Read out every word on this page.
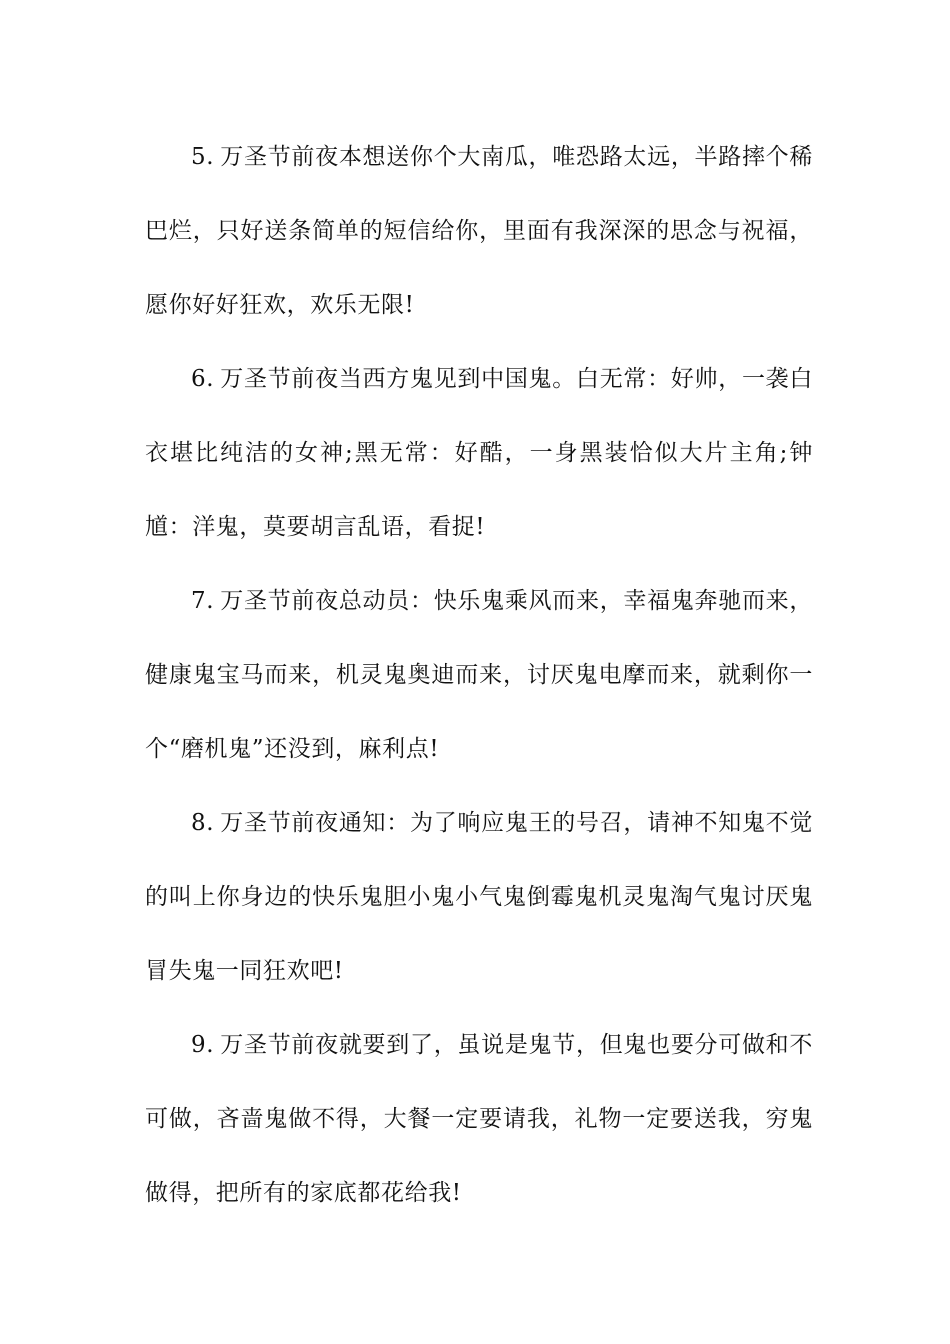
5. 万圣节前夜本想送你个大南瓜，唯恐路太远，半路摔个稀巴烂，只好送条简单的短信给你，里面有我深深的思念与祝福，愿你好好狂欢，欢乐无限!

6. 万圣节前夜当西方鬼见到中国鬼。白无常：好帅，一袭白衣堪比纯洁的女神;黑无常：好酷，一身黑装恰似大片主角;钟馗：洋鬼，莫要胡言乱语，看捉!

7. 万圣节前夜总动员：快乐鬼乘风而来，幸福鬼奔驰而来，健康鬼宝马而来，机灵鬼奥迪而来，讨厌鬼电摩而来，就剩你一个“磨机鬼”还没到，麻利点!

8. 万圣节前夜通知：为了响应鬼王的号召，请神不知鬼不觉的叫上你身边的快乐鬼胆小鬼小气鬼倒霉鬼机灵鬼淘气鬼讨厌鬼冒失鬼一同狂欢吧!

9. 万圣节前夜就要到了，虽说是鬼节，但鬼也要分可做和不可做，吝啬鬼做不得，大餐一定要请我，礼物一定要送我，穷鬼做得，把所有的家底都花给我!
